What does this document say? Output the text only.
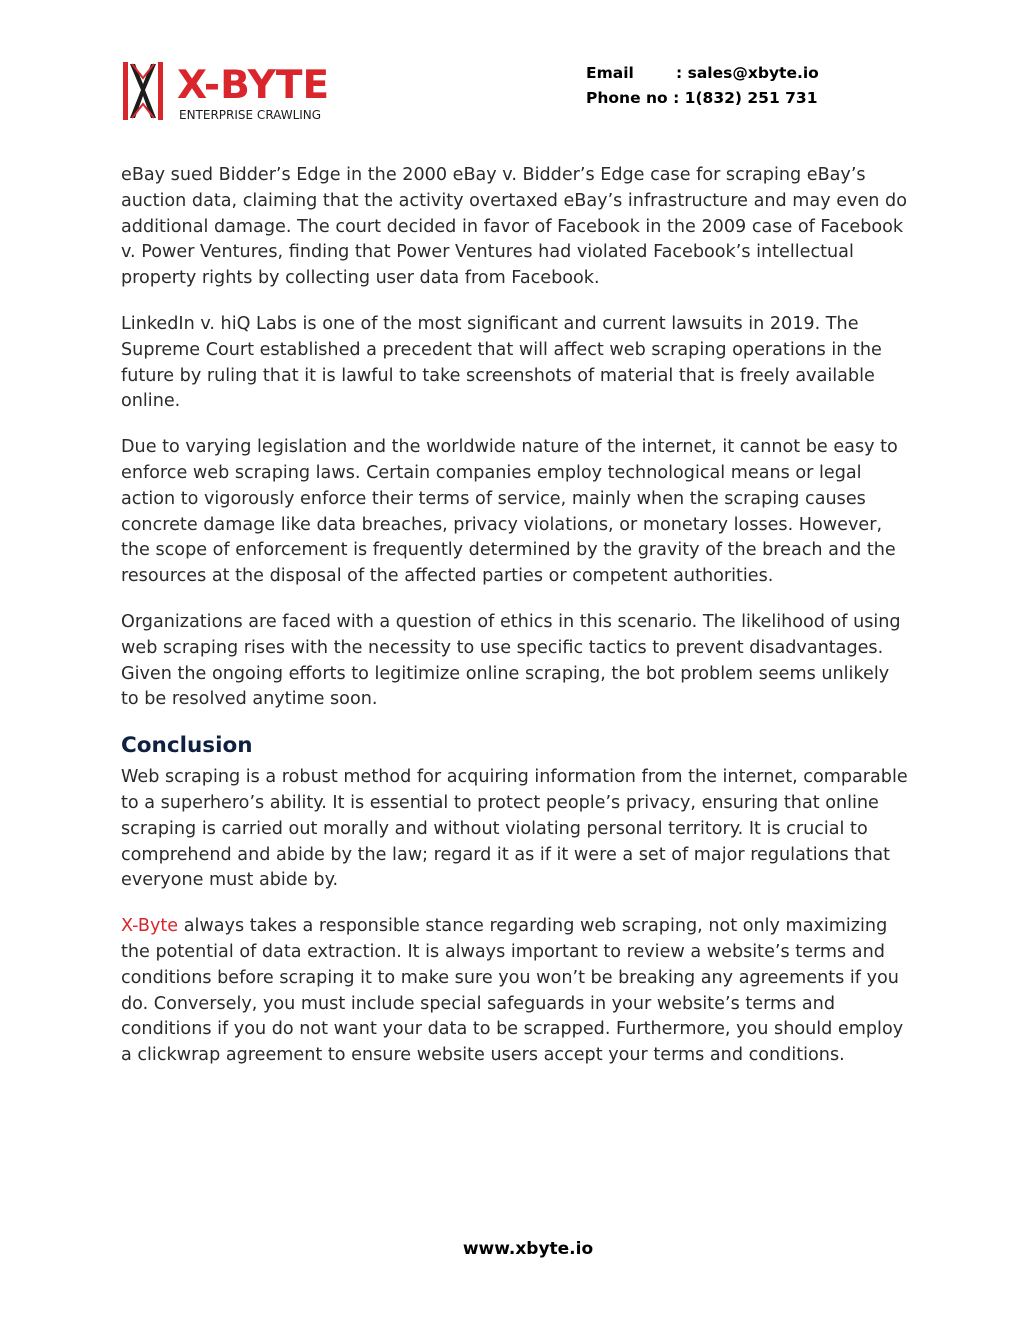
X-BYTE
ENTERPRISE CRAWLING
Email	: sales@xbyte.io
Phone no : 1(832) 251 731

eBay sued Bidder’s Edge in the 2000 eBay v. Bidder’s Edge case for scraping eBay’s auction data, claiming that the activity overtaxed eBay’s infrastructure and may even do additional damage. The court decided in favor of Facebook in the 2009 case of Facebook v. Power Ventures, finding that Power Ventures had violated Facebook’s intellectual property rights by collecting user data from Facebook.

LinkedIn v. hiQ Labs is one of the most significant and current lawsuits in 2019. The Supreme Court established a precedent that will affect web scraping operations in the future by ruling that it is lawful to take screenshots of material that is freely available online.

Due to varying legislation and the worldwide nature of the internet, it cannot be easy to enforce web scraping laws. Certain companies employ technological means or legal action to vigorously enforce their terms of service, mainly when the scraping causes concrete damage like data breaches, privacy violations, or monetary losses. However, the scope of enforcement is frequently determined by the gravity of the breach and the resources at the disposal of the affected parties or competent authorities.

Organizations are faced with a question of ethics in this scenario. The likelihood of using web scraping rises with the necessity to use specific tactics to prevent disadvantages. Given the ongoing efforts to legitimize online scraping, the bot problem seems unlikely to be resolved anytime soon.

Conclusion

Web scraping is a robust method for acquiring information from the internet, comparable to a superhero’s ability. It is essential to protect people’s privacy, ensuring that online scraping is carried out morally and without violating personal territory. It is crucial to comprehend and abide by the law; regard it as if it were a set of major regulations that everyone must abide by.

X-Byte always takes a responsible stance regarding web scraping, not only maximizing the potential of data extraction. It is always important to review a website’s terms and conditions before scraping it to make sure you won’t be breaking any agreements if you do. Conversely, you must include special safeguards in your website’s terms and conditions if you do not want your data to be scrapped. Furthermore, you should employ a clickwrap agreement to ensure website users accept your terms and conditions.

www.xbyte.io
